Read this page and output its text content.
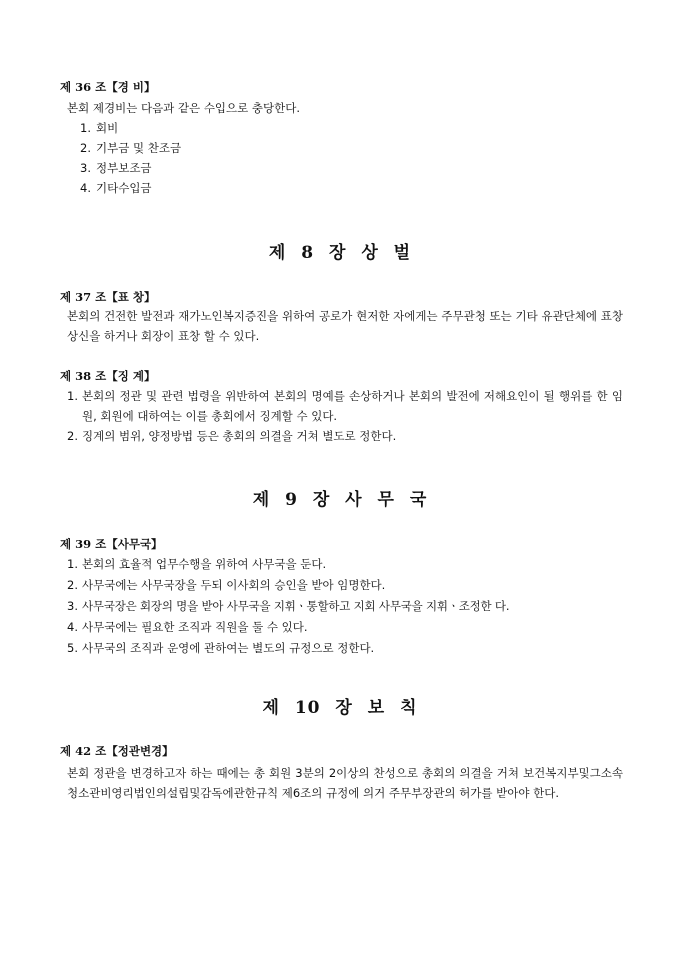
제 36 조【경 비】

본회 제경비는 다음과 같은 수입으로 충당한다.

1. 회비
2. 기부금 및 찬조금
3. 정부보조금
4. 기타수입금
제 8 장 상 벌
제 37 조【표 창】

본회의 건전한 발전과 재가노인복지증진을 위하여 공로가 현저한 자에게는 주무관청 또는 기타 유관단체에 표창상신을 하거나 회장이 표창 할 수 있다.

제 38 조【징 계】
1. 본회의 정관 및 관련 법령을 위반하여 본회의 명예를 손상하거나 본회의 발전에 저해요인이 될 행위를 한 임원, 회원에 대하여는 이를 총회에서 징계할 수 있다.
2. 징계의 범위, 양정방법 등은 총회의 의결을 거쳐 별도로 정한다.
제 9 장 사 무 국
제 39 조【사무국】
1. 본회의 효율적 업무수행을 위하여 사무국을 둔다.
2. 사무국에는 사무국장을 두되 이사회의 승인을 받아 임명한다.
3. 사무국장은 회장의 명을 받아 사무국을 지휘ㆍ통할하고 지회 사무국을 지휘ㆍ조정한 다.
4. 사무국에는 필요한 조직과 직원을 둘 수 있다.
5. 사무국의 조직과 운영에 관하여는 별도의 규정으로 정한다.
제 10 장 보 칙
제 42 조【정관변경】

본회 정관을 변경하고자 하는 때에는 총 회원 3분의 2이상의 찬성으로 총회의 의결을 거쳐 보건복지부및그소속청소관비영리법인의설립및감독에관한규칙 제6조의 규정에 의거 주무부장관의 허가를 받아야 한다.
